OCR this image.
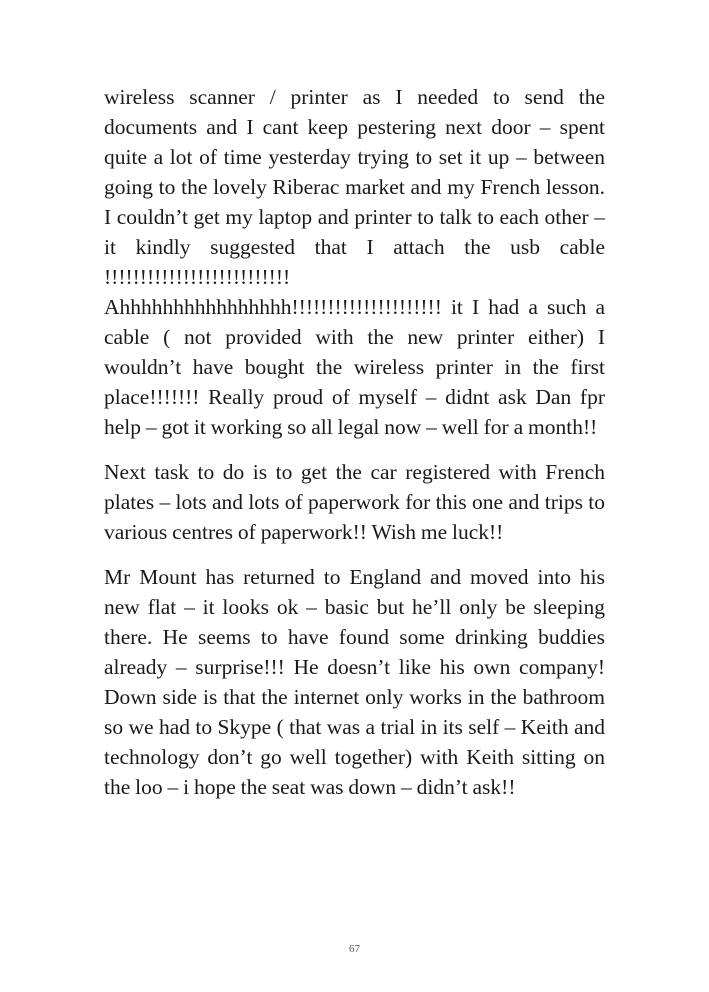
wireless scanner / printer as I needed to send the documents and I cant keep pestering next door – spent quite a lot of time yesterday trying to set it up – between going to the lovely Riberac market and my French lesson. I couldn’t get my laptop and printer to talk to each other – it kindly suggested that I attach the usb cable !!!!!!!!!!!!!!!!!!!!!!!!!! Ahhhhhhhhhhhhhhhh!!!!!!!!!!!!!!!!!!!!! it I had a such a cable ( not provided with the new printer either) I wouldn’t have bought the wireless printer in the first place!!!!!!! Really proud of myself – didnt ask Dan fpr help – got it working so all legal now – well for a month!!

Next task to do is to get the car registered with French plates – lots and lots of paperwork for this one and trips to various centres of paperwork!! Wish me luck!!

Mr Mount has returned to England and moved into his new flat – it looks ok – basic but he’ll only be sleeping there. He seems to have found some drinking buddies already – surprise!!! He doesn’t like his own company! Down side is that the internet only works in the bathroom so we had to Skype ( that was a trial in its self – Keith and technology don’t go well together) with Keith sitting on the loo – i hope the seat was down – didn’t ask!!

67
